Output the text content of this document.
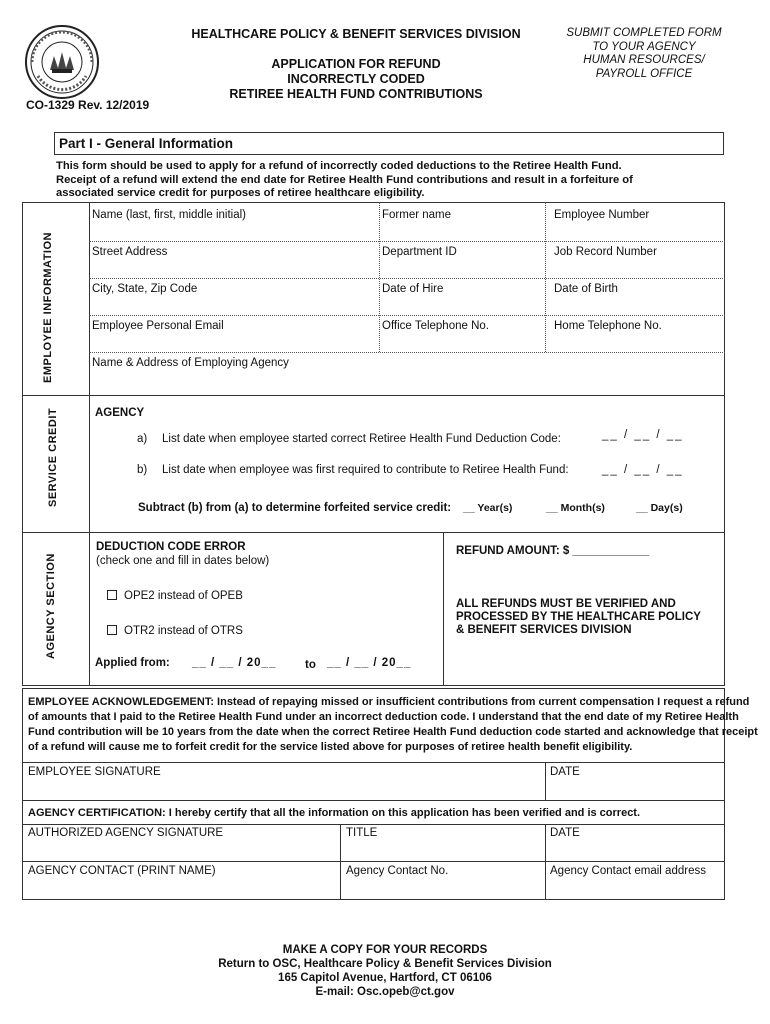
HEALTHCARE POLICY & BENEFIT SERVICES DIVISION
APPLICATION FOR REFUND
INCORRECTLY CODED
RETIREE HEALTH FUND CONTRIBUTIONS
CO-1329 Rev. 12/2019
SUBMIT COMPLETED FORM
TO YOUR AGENCY
HUMAN RESOURCES/
PAYROLL OFFICE
Part I - General Information
This form should be used to apply for a refund of incorrectly coded deductions to the Retiree Health Fund.
Receipt of a refund will extend the end date for Retiree Health Fund contributions and result in a forfeiture of
associated service credit for purposes of retiree healthcare eligibility.
EMPLOYEE INFORMATION
Name (last, first, middle initial)	Former name	Employee Number
Street Address	Department ID	Job Record Number
City, State, Zip Code	Date of Hire	Date of Birth
Employee Personal Email	Office Telephone No.	Home Telephone No.
Name & Address of Employing Agency
SERVICE CREDIT	AGENCY
a) List date when employee started correct Retiree Health Fund Deduction Code:	__ / __ / __
b) List date when employee was first required to contribute to Retiree Health Fund:	__ / __ / __
Subtract (b) from (a) to determine forfeited service credit: __ Year(s)	__ Month(s)	__ Day(s)
AGENCY SECTION
DEDUCTION CODE ERROR
(check one and fill in dates below)
OPE2 instead of OPEB
OTR2 instead of OTRS
Applied from: __ / __ / 20__ to __ / __ / 20__
REFUND AMOUNT: $ ____________
ALL REFUNDS MUST BE VERIFIED AND
PROCESSED BY THE HEALTHCARE POLICY
& BENEFIT SERVICES DIVISION
EMPLOYEE ACKNOWLEDGEMENT: Instead of repaying missed or insufficient contributions from current compensation I request a refund
of amounts that I paid to the Retiree Health Fund under an incorrect deduction code. I understand that the end date of my Retiree Health
Fund contribution will be 10 years from the date when the correct Retiree Health Fund deduction code started and acknowledge that receipt
of a refund will cause me to forfeit credit for the service listed above for purposes of retiree health benefit eligibility.
EMPLOYEE SIGNATURE	DATE
AGENCY CERTIFICATION: I hereby certify that all the information on this application has been verified and is correct.
AUTHORIZED AGENCY SIGNATURE	TITLE	DATE
AGENCY CONTACT (PRINT NAME)	Agency Contact No.	Agency Contact email address
MAKE A COPY FOR YOUR RECORDS
Return to OSC, Healthcare Policy & Benefit Services Division
165 Capitol Avenue, Hartford, CT 06106
E-mail: Osc.opeb@ct.gov
